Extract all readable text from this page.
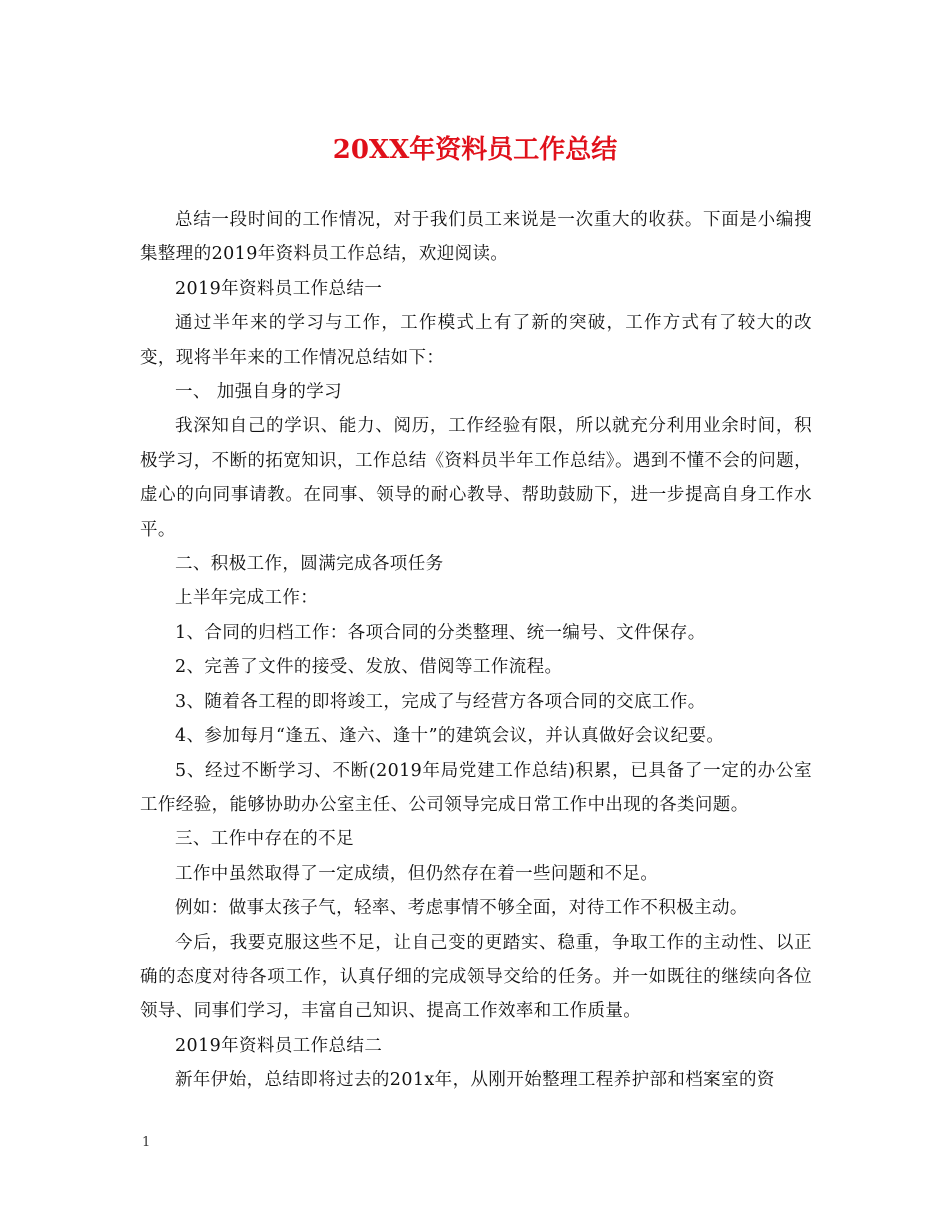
20XX年资料员工作总结

总结一段时间的工作情况，对于我们员工来说是一次重大的收获。下面是小编搜集整理的2019年资料员工作总结，欢迎阅读。

2019年资料员工作总结一

通过半年来的学习与工作，工作模式上有了新的突破，工作方式有了较大的改变，现将半年来的工作情况总结如下：

一、 加强自身的学习

我深知自己的学识、能力、阅历，工作经验有限，所以就充分利用业余时间，积极学习，不断的拓宽知识，工作总结《资料员半年工作总结》。遇到不懂不会的问题，虚心的向同事请教。在同事、领导的耐心教导、帮助鼓励下，进一步提高自身工作水平。

二、积极工作，圆满完成各项任务

上半年完成工作：

1、合同的归档工作：各项合同的分类整理、统一编号、文件保存。

2、完善了文件的接受、发放、借阅等工作流程。

3、随着各工程的即将竣工，完成了与经营方各项合同的交底工作。

4、参加每月“逢五、逢六、逢十”的建筑会议，并认真做好会议纪要。

5、经过不断学习、不断(2019年局党建工作总结)积累，已具备了一定的办公室工作经验，能够协助办公室主任、公司领导完成日常工作中出现的各类问题。

三、工作中存在的不足

工作中虽然取得了一定成绩，但仍然存在着一些问题和不足。

例如：做事太孩子气，轻率、考虑事情不够全面，对待工作不积极主动。

今后，我要克服这些不足，让自己变的更踏实、稳重，争取工作的主动性、以正确的态度对待各项工作，认真仔细的完成领导交给的任务。并一如既往的继续向各位领导、同事们学习，丰富自己知识、提高工作效率和工作质量。

2019年资料员工作总结二

新年伊始，总结即将过去的201x年，从刚开始整理工程养护部和档案室的资

1
